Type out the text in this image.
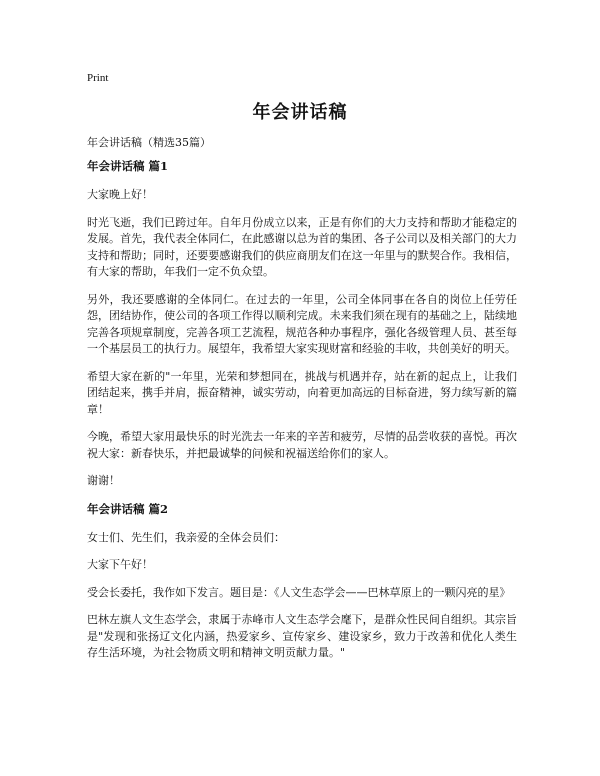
Print
年会讲话稿
年会讲话稿（精选35篇）
年会讲话稿 篇1
大家晚上好！
时光飞逝，我们已跨过年。自年月份成立以来，正是有你们的大力支持和帮助才能稳定的发展。首先，我代表全体同仁，在此感谢以总为首的集团、各子公司以及相关部门的大力支持和帮助；同时，还要要感谢我们的供应商朋友们在这一年里与的默契合作。我相信，有大家的帮助，年我们一定不负众望。
另外，我还要感谢的全体同仁。在过去的一年里，公司全体同事在各自的岗位上任劳任怨，团结协作，使公司的各项工作得以顺利完成。未来我们须在现有的基础之上，陆续地完善各项规章制度，完善各项工艺流程，规范各种办事程序，强化各级管理人员、甚至每一个基层员工的执行力。展望年，我希望大家实现财富和经验的丰收，共创美好的明天。
希望大家在新的"一年里，光荣和梦想同在，挑战与机遇并存，站在新的起点上，让我们团结起来，携手并肩，振奋精神，诚实劳动，向着更加高远的目标奋进，努力续写新的篇章！
今晚，希望大家用最快乐的时光洗去一年来的辛苦和疲劳，尽情的品尝收获的喜悦。再次祝大家：新春快乐，并把最诚挚的问候和祝福送给你们的家人。
谢谢！
年会讲话稿 篇2
女士们、先生们，我亲爱的全体会员们：
大家下午好！
受会长委托，我作如下发言。题目是：《人文生态学会——巴林草原上的一颗闪亮的星》
巴林左旗人文生态学会，隶属于赤峰市人文生态学会麾下，是群众性民间自组织。其宗旨是"发现和张扬辽文化内涵，热爱家乡、宣传家乡、建设家乡，致力于改善和优化人类生存生活环境，为社会物质文明和精神文明贡献力量。"
